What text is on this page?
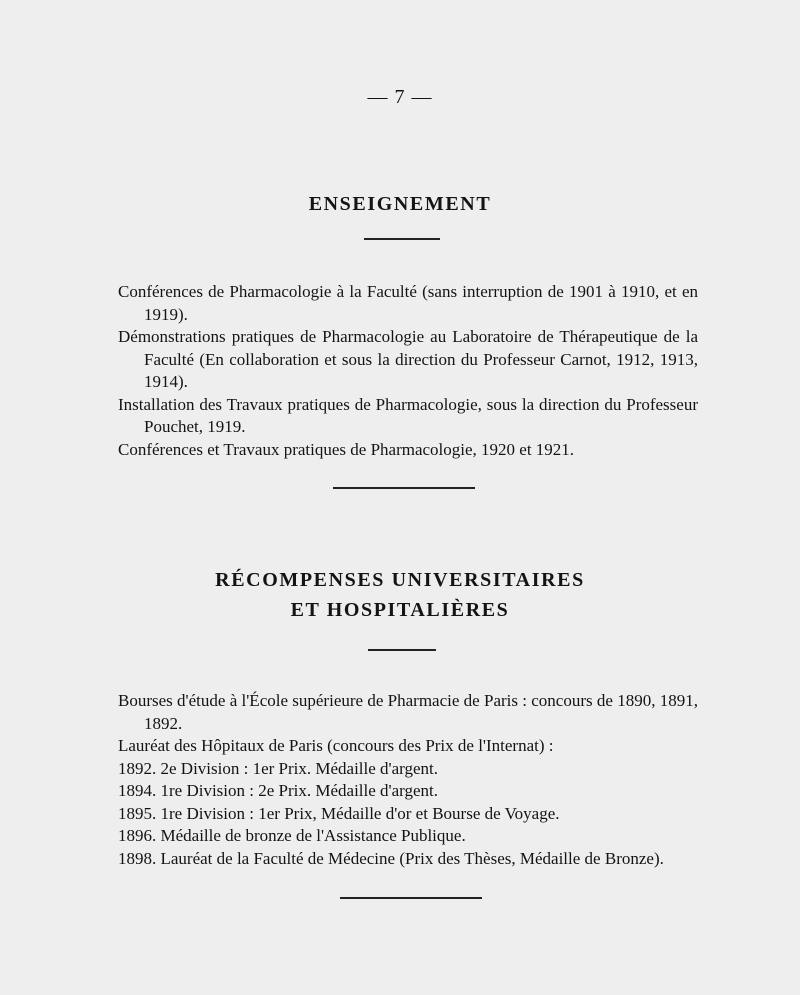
— 7 —
ENSEIGNEMENT
Conférences de Pharmacologie à la Faculté (sans interruption de 1901 à 1910, et en 1919).
Démonstrations pratiques de Pharmacologie au Laboratoire de Thérapeutique de la Faculté (En collaboration et sous la direction du Professeur Carnot, 1912, 1913, 1914).
Installation des Travaux pratiques de Pharmacologie, sous la direction du Professeur Pouchet, 1919.
Conférences et Travaux pratiques de Pharmacologie, 1920 et 1921.
RÉCOMPENSES UNIVERSITAIRES
ET HOSPITALIÈRES
Bourses d'étude à l'École supérieure de Pharmacie de Paris : concours de 1890, 1891, 1892.
Lauréat des Hôpitaux de Paris (concours des Prix de l'Internat) :
1892. 2e Division : 1er Prix. Médaille d'argent.
1894. 1re Division : 2e Prix. Médaille d'argent.
1895. 1re Division : 1er Prix, Médaille d'or et Bourse de Voyage.
1896. Médaille de bronze de l'Assistance Publique.
1898. Lauréat de la Faculté de Médecine (Prix des Thèses, Médaille de Bronze).
